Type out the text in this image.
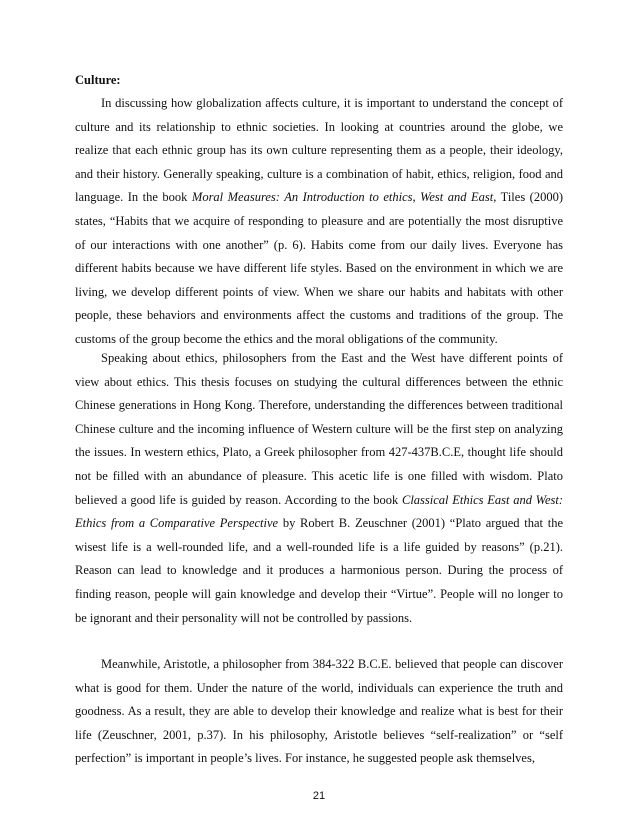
Culture:

In discussing how globalization affects culture, it is important to understand the concept of culture and its relationship to ethnic societies. In looking at countries around the globe, we realize that each ethnic group has its own culture representing them as a people, their ideology, and their history. Generally speaking, culture is a combination of habit, ethics, religion, food and language. In the book Moral Measures: An Introduction to ethics, West and East, Tiles (2000) states, “Habits that we acquire of responding to pleasure and are potentially the most disruptive of our interactions with one another” (p. 6). Habits come from our daily lives. Everyone has different habits because we have different life styles. Based on the environment in which we are living, we develop different points of view. When we share our habits and habitats with other people, these behaviors and environments affect the customs and traditions of the group. The customs of the group become the ethics and the moral obligations of the community.

Speaking about ethics, philosophers from the East and the West have different points of view about ethics. This thesis focuses on studying the cultural differences between the ethnic Chinese generations in Hong Kong. Therefore, understanding the differences between traditional Chinese culture and the incoming influence of Western culture will be the first step on analyzing the issues. In western ethics, Plato, a Greek philosopher from 427-437B.C.E, thought life should not be filled with an abundance of pleasure. This acetic life is one filled with wisdom. Plato believed a good life is guided by reason. According to the book Classical Ethics East and West: Ethics from a Comparative Perspective by Robert B. Zeuschner (2001) “Plato argued that the wisest life is a well-rounded life, and a well-rounded life is a life guided by reasons” (p.21). Reason can lead to knowledge and it produces a harmonious person. During the process of finding reason, people will gain knowledge and develop their “Virtue”. People will no longer to be ignorant and their personality will not be controlled by passions.

Meanwhile, Aristotle, a philosopher from 384-322 B.C.E. believed that people can discover what is good for them. Under the nature of the world, individuals can experience the truth and goodness. As a result, they are able to develop their knowledge and realize what is best for their life (Zeuschner, 2001, p.37). In his philosophy, Aristotle believes “self-realization” or “self perfection” is important in people’s lives. For instance, he suggested people ask themselves,

21
